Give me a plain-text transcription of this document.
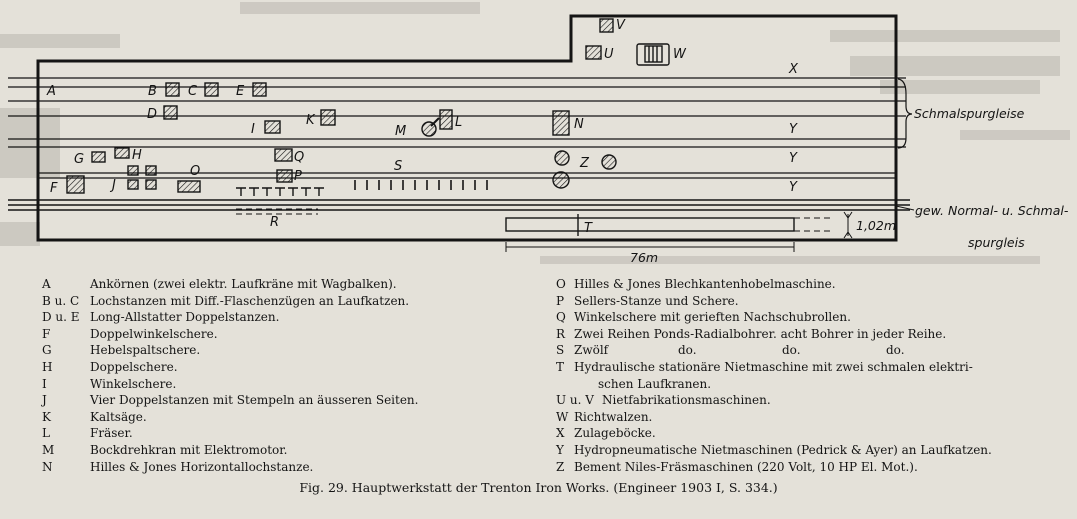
A	B C	E
D
I
K
M
L	N
Q
P
G	H
J
O
F
S
R	T
Z
U
V
W
X
Y
Y
Y
Schmalspurgleise
gew. Normal- u. Schmal-
spurgleis
1,02m
76m
A	Ankörnen (zwei elektr. Laufkräne mit Wagbalken).
B u. C Lochstanzen mit Diff.-Flaschenzügen an Laufkatzen.
D u. E Long-Allstatter Doppelstanzen.
F	Doppelwinkelschere.
G	Hebelspaltschere.
H	Doppelschere.
I	Winkelschere.
J	Vier Doppelstanzen mit Stempeln an äusseren Seiten.
K	Kaltsäge.
L	Fräser.
M	Bockdrehkran mit Elektromotor.
N	Hilles & Jones Horizontallochstanze.
O Hilles & Jones Blechkantenhobelmaschine.
P Sellers-Stanze und Schere.
Q Winkelschere mit gerieften Nachschubrollen.
R Zwei Reihen Ponds-Radialbohrer. acht Bohrer in jeder Reihe.
S Zwölf	do.	do.	do.
T Hydraulische stationäre Nietmaschine mit zwei schmalen elektri-
schen Laufkranen.
U u. V Nietfabrikationsmaschinen.
W Richtwalzen.
X Zulageböcke.
Y Hydropneumatische Nietmaschinen (Pedrick & Ayer) an Laufkatzen.
Z Bement Niles-Fräsmaschinen (220 Volt, 10 HP El. Mot.).
Fig. 29. Hauptwerkstatt der Trenton Iron Works. (Engineer 1903 I, S. 334.)
